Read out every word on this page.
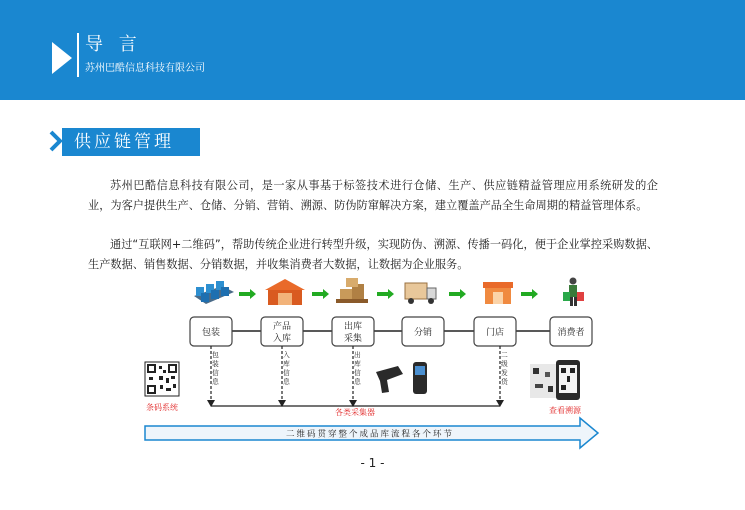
导 言
苏州巴酷信息科技有限公司
供应链管理
苏州巴酷信息科技有限公司，是一家从事基于标签技术进行仓储、生产、供应链精益管理应用系统研发的企业，为客户提供生产、仓储、分销、营销、溯源、防伪防窜解决方案，建立覆盖产品全生命周期的精益管理体系。
通过“互联网+二维码”，帮助传统企业进行转型升级，实现防伪、溯源、传播一码化，便于企业掌控采购数据、生产数据、销售数据、分销数据，并收集消费者大数据，让数据为企业服务。
包装
产品
入库
出库
采集
分销	门店	消费者
各类采集器
条码系统	查看溯源
二维码贯穿整个成品库流程各个环节
包装信息
入库信息
出库信息
二级发货
- 1 -
